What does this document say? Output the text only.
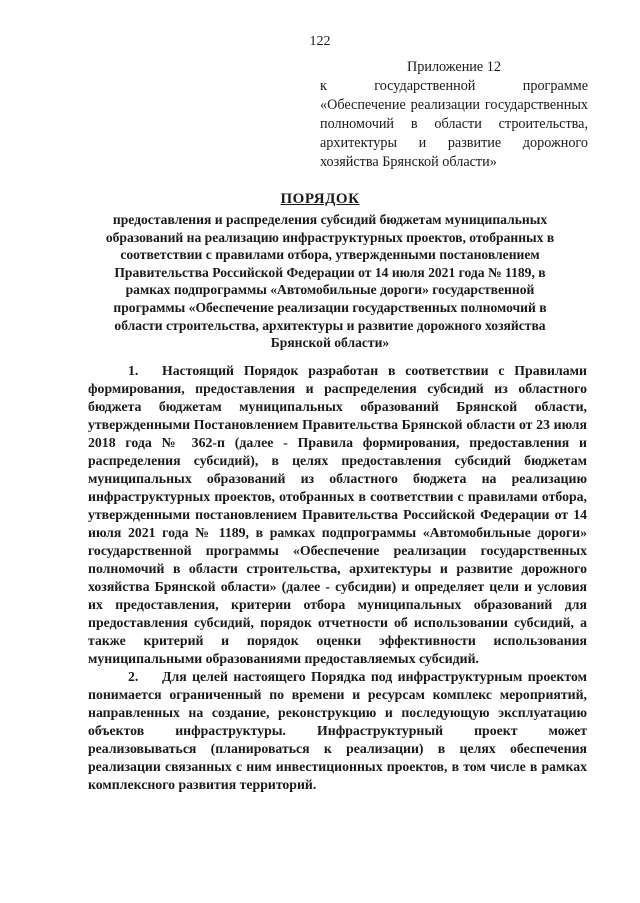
122
Приложение 12
к государственной программе «Обеспечение реализации государственных полномочий в области строительства, архитектуры и развитие дорожного хозяйства Брянской области»
ПОРЯДОК
предоставления и распределения субсидий бюджетам муниципальных образований на реализацию инфраструктурных проектов, отобранных в соответствии с правилами отбора, утвержденными постановлением Правительства Российской Федерации от 14 июля 2021 года № 1189, в рамках подпрограммы «Автомобильные дороги» государственной программы «Обеспечение реализации государственных полномочий в области строительства, архитектуры и развитие дорожного хозяйства Брянской области»

1. Настоящий Порядок разработан в соответствии с Правилами формирования, предоставления и распределения субсидий из областного бюджета бюджетам муниципальных образований Брянской области, утвержденными Постановлением Правительства Брянской области от 23 июля 2018 года № 362-п (далее - Правила формирования, предоставления и распределения субсидий), в целях предоставления субсидий бюджетам муниципальных образований из областного бюджета на реализацию инфраструктурных проектов, отобранных в соответствии с правилами отбора, утвержденными постановлением Правительства Российской Федерации от 14 июля 2021 года № 1189, в рамках подпрограммы «Автомобильные дороги» государственной программы «Обеспечение реализации государственных полномочий в области строительства, архитектуры и развитие дорожного хозяйства Брянской области» (далее - субсидии) и определяет цели и условия их предоставления, критерии отбора муниципальных образований для предоставления субсидий, порядок отчетности об использовании субсидий, а также критерий и порядок оценки эффективности использования муниципальными образованиями предоставляемых субсидий.

2. Для целей настоящего Порядка под инфраструктурным проектом понимается ограниченный по времени и ресурсам комплекс мероприятий, направленных на создание, реконструкцию и последующую эксплуатацию объектов инфраструктуры. Инфраструктурный проект может реализовываться (планироваться к реализации) в целях обеспечения реализации связанных с ним инвестиционных проектов, в том числе в рамках комплексного развития территорий.
